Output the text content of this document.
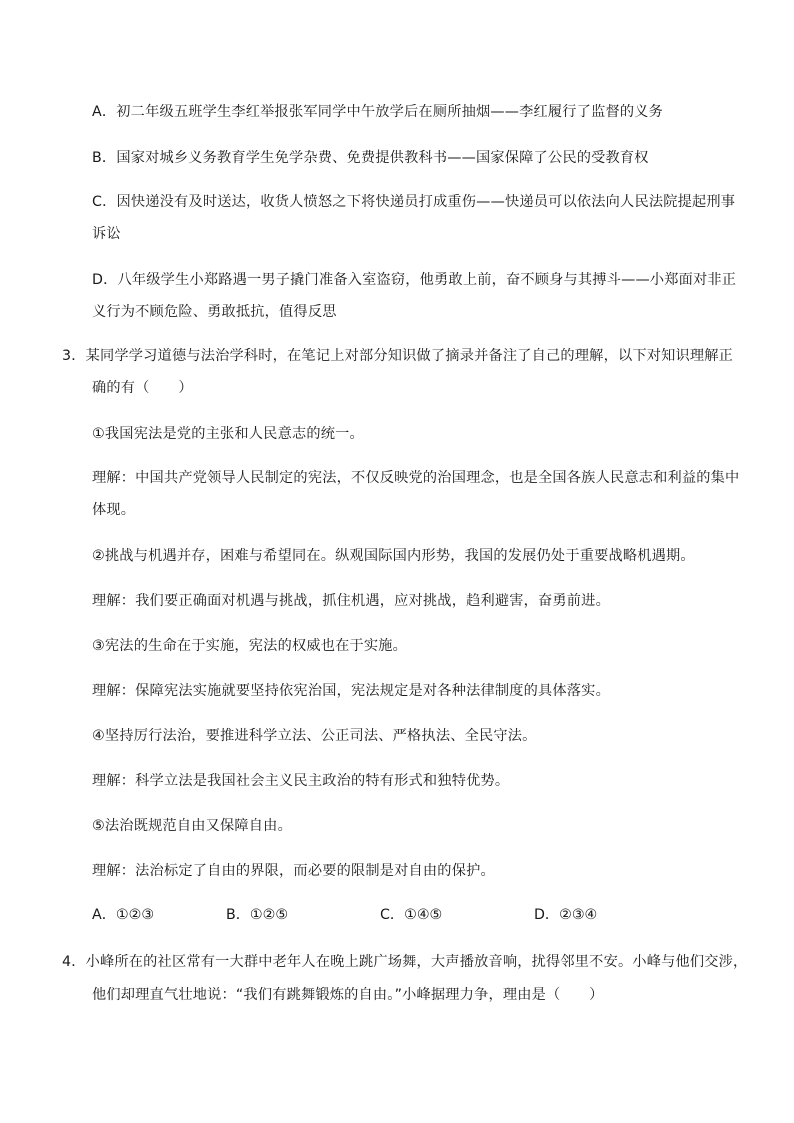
A．初二年级五班学生李红举报张军同学中午放学后在厕所抽烟——李红履行了监督的义务
B．国家对城乡义务教育学生免学杂费、免费提供教科书——国家保障了公民的受教育权
C．因快递没有及时送达，收货人愤怒之下将快递员打成重伤——快递员可以依法向人民法院提起刑事
诉讼
D．八年级学生小郑路遇一男子撬门准备入室盗窃，他勇敢上前，奋不顾身与其搏斗——小郑面对非正
义行为不顾危险、勇敢抵抗，值得反思
3．某同学学习道德与法治学科时，在笔记上对部分知识做了摘录并备注了自己的理解，以下对知识理解正
确的有（　　）
①我国宪法是党的主张和人民意志的统一。
理解：中国共产党领导人民制定的宪法，不仅反映党的治国理念，也是全国各族人民意志和利益的集中
体现。
②挑战与机遇并存，困难与希望同在。纵观国际国内形势，我国的发展仍处于重要战略机遇期。
理解：我们要正确面对机遇与挑战，抓住机遇，应对挑战，趋利避害，奋勇前进。
③宪法的生命在于实施，宪法的权威也在于实施。
理解：保障宪法实施就要坚持依宪治国，宪法规定是对各种法律制度的具体落实。
④坚持厉行法治，要推进科学立法、公正司法、严格执法、全民守法。
理解：科学立法是我国社会主义民主政治的特有形式和独特优势。
⑤法治既规范自由又保障自由。
理解：法治标定了自由的界限，而必要的限制是对自由的保护。
A．①②③	B．①②⑤	C．①④⑤	D．②③④
4．小峰所在的社区常有一大群中老年人在晚上跳广场舞，大声播放音响，扰得邻里不安。小峰与他们交涉，
他们却理直气壮地说：“我们有跳舞锻炼的自由。”小峰据理力争，理由是（　　）
